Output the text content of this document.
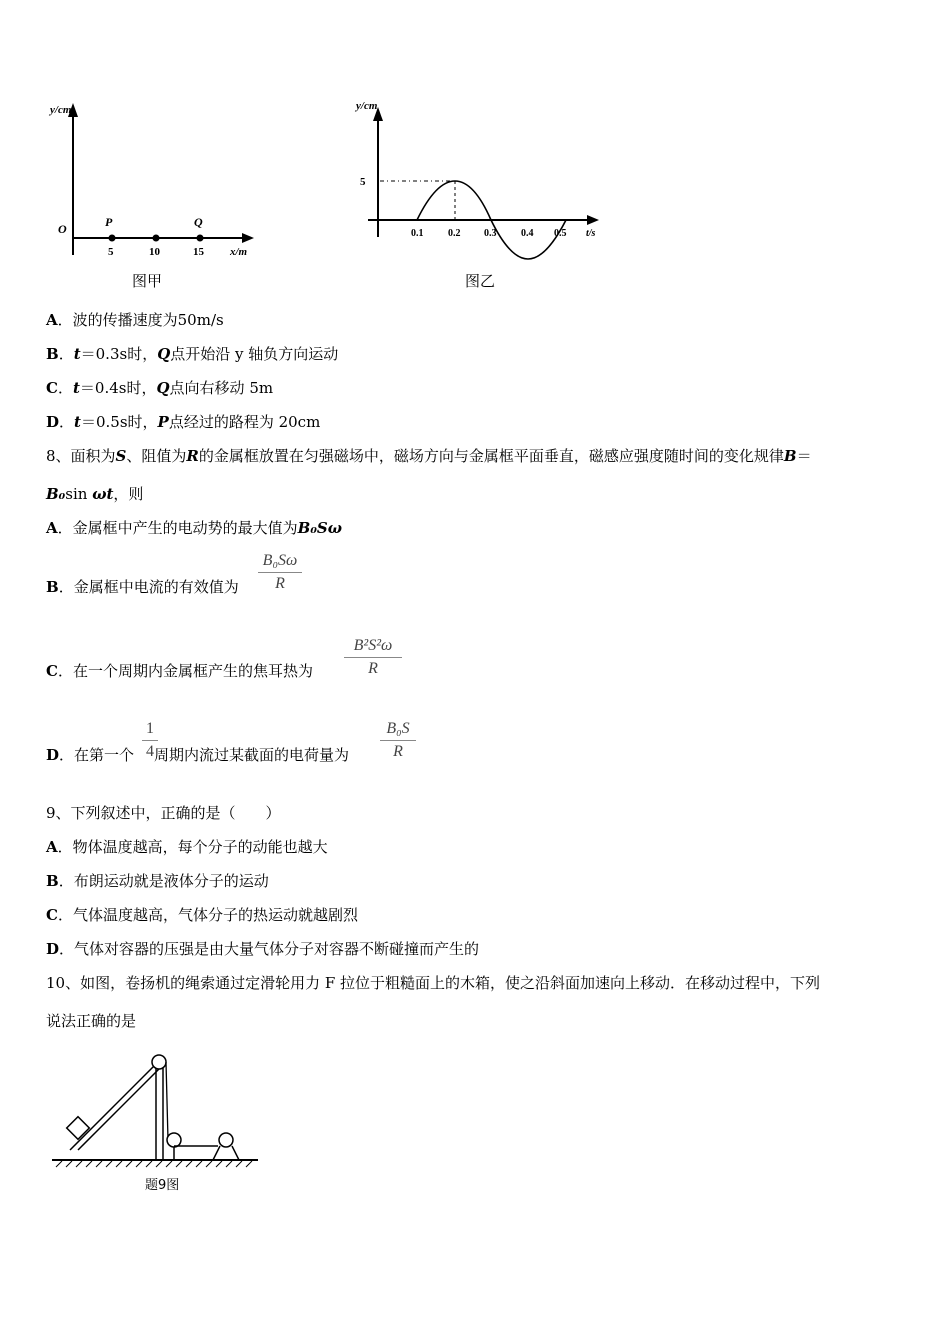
y/cm
O	P	Q
5	10	15 x/m
图甲
y/cm
5
0.1 0.2 0.3 0.4 0.5 t/s
图乙
A．波的传播速度为50m/s
B．t＝0.3s时，Q点开始沿 y 轴负方向运动
C．t＝0.4s时，Q点向右移动 5m
D．t＝0.5s时，P点经过的路程为 20cm
8、面积为S、阻值为R的金属框放置在匀强磁场中，磁场方向与金属框平面垂直，磁感应强度随时间的变化规律B＝
B₀sin ωt，则
A．金属框中产生的电动势的最大值为B₀Sω
B．金属框中电流的有效值为
B₀Sω
R
C．在一个周期内金属框产生的焦耳热为
B²S²ω
R
D．在第一个 周期内流过某截面的电荷量为
1
4
B₀S
R
9、下列叙述中，正确的是（　　）
A．物体温度越高，每个分子的动能也越大
B．布朗运动就是液体分子的运动
C．气体温度越高，气体分子的热运动就越剧烈
D．气体对容器的压强是由大量气体分子对容器不断碰撞而产生的
10、如图，卷扬机的绳索通过定滑轮用力 F 拉位于粗糙面上的木箱，使之沿斜面加速向上移动．在移动过程中，下列
说法正确的是
题9图
